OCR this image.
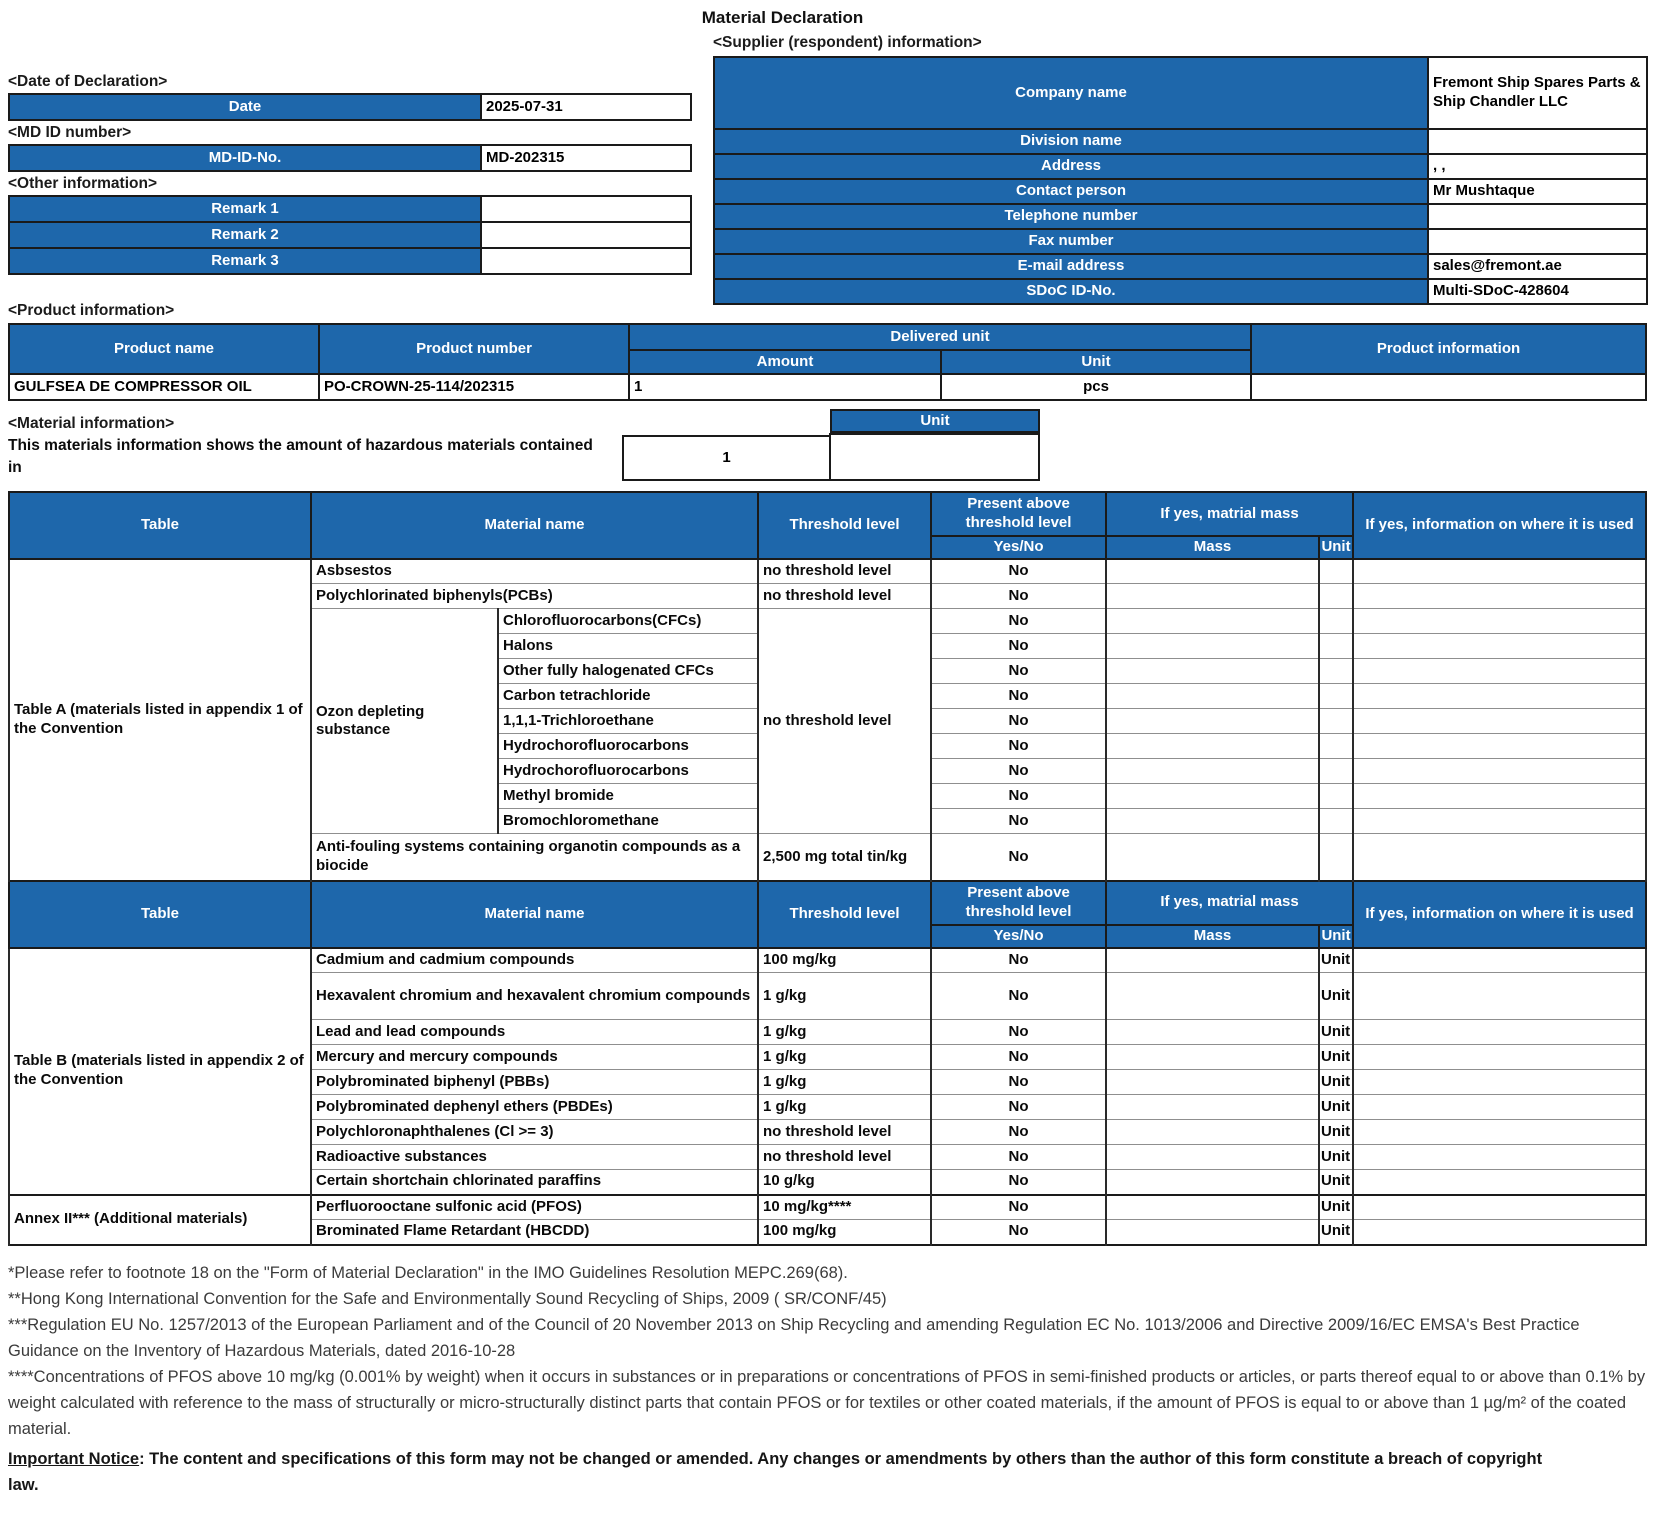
Material Declaration
<Supplier (respondent) information>
Company name	Fremont Ship Spares Parts & Ship Chandler LLC
Division name	
Address	, ,
Contact person	Mr Mushtaque
Telephone number	
Fax number	
E-mail address	sales@fremont.ae
SDoC ID-No.	Multi-SDoC-428604
<Date of Declaration>
Date	2025-07-31
<MD ID number>
MD-ID-No.	MD-202315
<Other information>
Remark 1	
Remark 2	
Remark 3	
<Product information>
Product name	Product number	Delivered unit		Product information
		Amount	Unit	
GULFSEA DE COMPRESSOR OIL	PO-CROWN-25-114/202315	1	pcs	
<Material information>
This materials information shows the amount of hazardous materials contained in
Unit
1
Table	Material name		Threshold level	Present above threshold level	If yes, matrial mass		If yes, information on where it is used
				Yes/No	Mass	Unit	
Table A (materials listed in appendix 1 of the Convention	Asbsestos		no threshold level	No			
	Polychlorinated biphenyls(PCBs)		no threshold level	No			
	Ozon depleting substance	Chlorofluorocarbons(CFCs)	no threshold level	No			
		Halons		No			
		Other fully halogenated CFCs		No			
		Carbon tetrachloride		No			
		1,1,1-Trichloroethane		No			
		Hydrochorofluorocarbons		No			
		Hydrochorofluorocarbons		No			
		Methyl bromide		No			
		Bromochloromethane		No			
	Anti-fouling systems containing organotin compounds as a biocide		2,500 mg total tin/kg	No			
Table	Material name		Threshold level	Present above threshold level	If yes, matrial mass		If yes, information on where it is used
				Yes/No	Mass	Unit	
Table B (materials listed in appendix 2 of the Convention	Cadmium and cadmium compounds		100 mg/kg	No		Unit	
	Hexavalent chromium and hexavalent chromium compounds		1 g/kg	No		Unit	
	Lead and lead compounds		1 g/kg	No		Unit	
	Mercury and mercury compounds		1 g/kg	No		Unit	
	Polybrominated biphenyl (PBBs)		1 g/kg	No		Unit	
	Polybrominated dephenyl ethers (PBDEs)		1 g/kg	No		Unit	
	Polychloronaphthalenes (Cl >= 3)		no threshold level	No		Unit	
	Radioactive substances		no threshold level	No		Unit	
	Certain shortchain chlorinated paraffins		10 g/kg	No		Unit	
Annex II*** (Additional materials)	Perfluorooctane sulfonic acid (PFOS)		10 mg/kg****	No		Unit	
	Brominated Flame Retardant (HBCDD)		100 mg/kg	No		Unit	
*Please refer to footnote 18 on the "Form of Material Declaration" in the IMO Guidelines Resolution MEPC.269(68).
**Hong Kong International Convention for the Safe and Environmentally Sound Recycling of Ships, 2009 ( SR/CONF/45)
***Regulation EU No. 1257/2013 of the European Parliament and of the Council of 20 November 2013 on Ship Recycling and amending Regulation EC No. 1013/2006 and Directive 2009/16/EC EMSA's Best Practice Guidance on the Inventory of Hazardous Materials, dated 2016-10-28
****Concentrations of PFOS above 10 mg/kg (0.001% by weight) when it occurs in substances or in preparations or concentrations of PFOS in semi-finished products or articles, or parts thereof equal to or above than 0.1% by weight calculated with reference to the mass of structurally or micro-structurally distinct parts that contain PFOS or for textiles or other coated materials, if the amount of PFOS is equal to or above than 1 µg/m² of the coated material.
Important Notice: The content and specifications of this form may not be changed or amended. Any changes or amendments by others than the author of this form constitute a breach of copyright law.
